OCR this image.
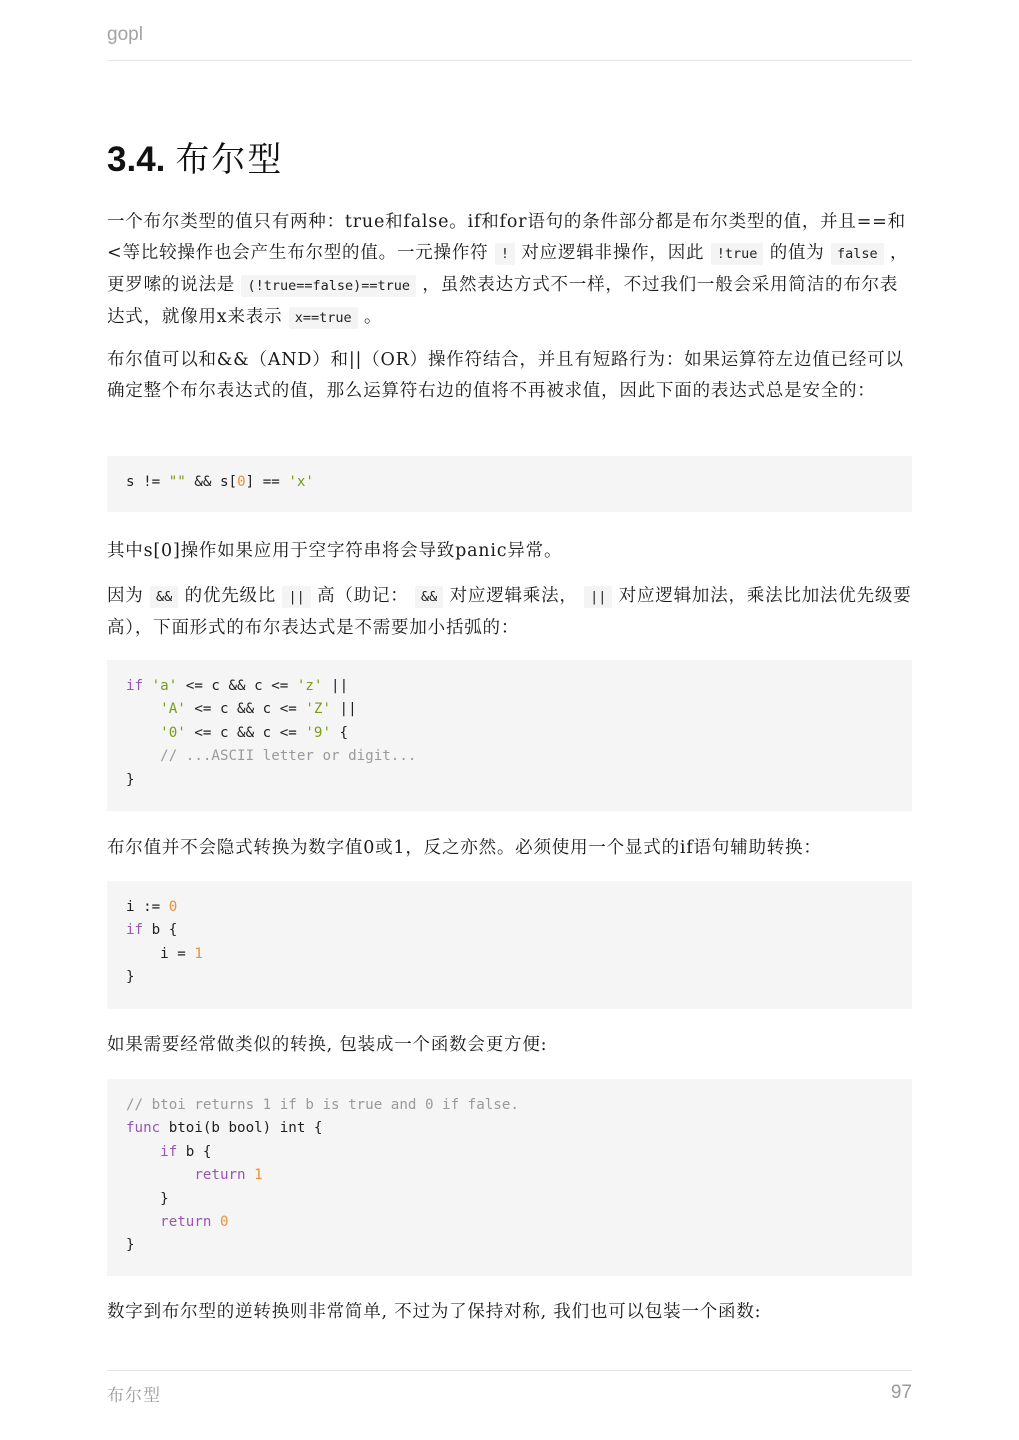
gopl
3.4. 布尔型

一个布尔类型的值只有两种：true和false。if和for语句的条件部分都是布尔类型的值，并且==和<等比较操作也会产生布尔型的值。一元操作符 ! 对应逻辑非操作，因此 !true 的值为 false ，更罗嗦的说法是 (!true==false)==true ，虽然表达方式不一样，不过我们一般会采用简洁的布尔表达式，就像用x来表示 x==true 。

布尔值可以和&&（AND）和||（OR）操作符结合，并且有短路行为：如果运算符左边值已经可以确定整个布尔表达式的值，那么运算符右边的值将不再被求值，因此下面的表达式总是安全的：

s != "" && s[0] == 'x'

其中s[0]操作如果应用于空字符串将会导致panic异常。

因为 && 的优先级比 || 高（助记： && 对应逻辑乘法， || 对应逻辑加法，乘法比加法优先级要高），下面形式的布尔表达式是不需要加小括弧的：

if 'a' <= c && c <= 'z' ||
'A' <= c && c <= 'Z' ||
'0' <= c && c <= '9' {
// ...ASCII letter or digit...
}

布尔值并不会隐式转换为数字值0或1，反之亦然。必须使用一个显式的if语句辅助转换：

i := 0
if b {
i = 1
}

如果需要经常做类似的转换, 包装成一个函数会更方便:

// btoi returns 1 if b is true and 0 if false.
func btoi(b bool) int {
if b {
return 1
}
return 0
}

数字到布尔型的逆转换则非常简单, 不过为了保持对称, 我们也可以包装一个函数:

布尔型	97
